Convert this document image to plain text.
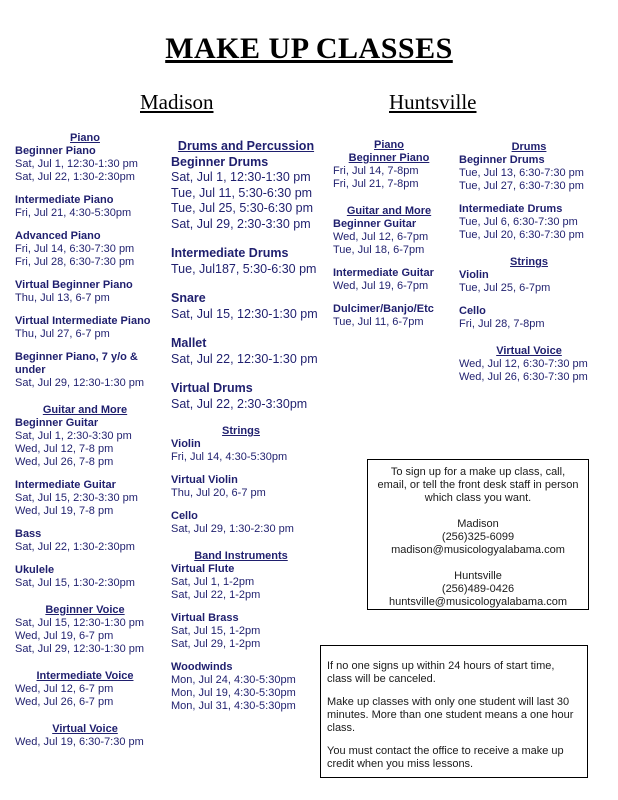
MAKE UP CLASSES
Madison	Huntsville
Piano
Beginner Piano
Sat, Jul 1, 12:30-1:30 pm
Sat, Jul 22, 1:30-2:30pm
Intermediate Piano
Fri, Jul 21, 4:30-5:30pm
Advanced Piano
Fri, Jul 14, 6:30-7:30 pm
Fri, Jul 28, 6:30-7:30 pm
Virtual Beginner Piano
Thu, Jul 13, 6-7 pm
Virtual Intermediate Piano
Thu, Jul 27, 6-7 pm
Beginner Piano, 7 y/o & under
Sat, Jul 29, 12:30-1:30 pm
Guitar and More
Beginner Guitar
Sat, Jul 1, 2:30-3:30 pm
Wed, Jul 12, 7-8 pm
Wed, Jul 26, 7-8 pm
Intermediate Guitar
Sat, Jul 15, 2:30-3:30 pm
Wed, Jul 19, 7-8 pm
Bass
Sat, Jul 22, 1:30-2:30pm
Ukulele
Sat, Jul 15, 1:30-2:30pm
Beginner Voice
Sat, Jul 15, 12:30-1:30 pm
Wed, Jul 19, 6-7 pm
Sat, Jul 29, 12:30-1:30 pm
Intermediate Voice
Wed, Jul 12, 6-7 pm
Wed, Jul 26, 6-7 pm
Virtual Voice
Wed, Jul 19, 6:30-7:30 pm
Drums and Percussion
Beginner Drums
Sat, Jul 1, 12:30-1:30 pm
Tue, Jul 11, 5:30-6:30 pm
Tue, Jul 25, 5:30-6:30 pm
Sat, Jul 29, 2:30-3:30 pm
Intermediate Drums
Tue, Jul187, 5:30-6:30 pm
Snare
Sat, Jul 15, 12:30-1:30 pm
Mallet
Sat, Jul 22, 12:30-1:30 pm
Virtual Drums
Sat, Jul 22, 2:30-3:30pm
Strings
Violin
Fri, Jul 14, 4:30-5:30pm
Virtual Violin
Thu, Jul 20, 6-7 pm
Cello
Sat, Jul 29, 1:30-2:30 pm
Band Instruments
Virtual Flute
Sat, Jul 1, 1-2pm
Sat, Jul 22, 1-2pm
Virtual Brass
Sat, Jul 15, 1-2pm
Sat, Jul 29, 1-2pm
Woodwinds
Mon, Jul 24, 4:30-5:30pm
Mon, Jul 19, 4:30-5:30pm
Mon, Jul 31, 4:30-5:30pm
Piano
Beginner Piano
Fri, Jul 14, 7-8pm
Fri, Jul 21, 7-8pm
Guitar and More
Beginner Guitar
Wed, Jul 12, 6-7pm
Tue, Jul 18, 6-7pm
Intermediate Guitar
Wed, Jul 19, 6-7pm
Dulcimer/Banjo/Etc
Tue, Jul 11, 6-7pm
Drums
Beginner Drums
Tue, Jul 13, 6:30-7:30 pm
Tue, Jul 27, 6:30-7:30 pm
Intermediate Drums
Tue, Jul 6, 6:30-7:30 pm
Tue, Jul 20, 6:30-7:30 pm
Strings
Violin
Tue, Jul 25, 6-7pm
Cello
Fri, Jul 28, 7-8pm
Virtual Voice
Wed, Jul 12, 6:30-7:30 pm
Wed, Jul 26, 6:30-7:30 pm
To sign up for a make up class, call, email, or tell the front desk staff in person which class you want.
Madison
(256)325-6099
madison@musicologyalabama.com
Huntsville
(256)489-0426
huntsville@musicologyalabama.com

If no one signs up within 24 hours of start time, class will be canceled.

Make up classes with only one student will last 30 minutes. More than one student means a one hour class.

You must contact the office to receive a make up credit when you miss lessons.
